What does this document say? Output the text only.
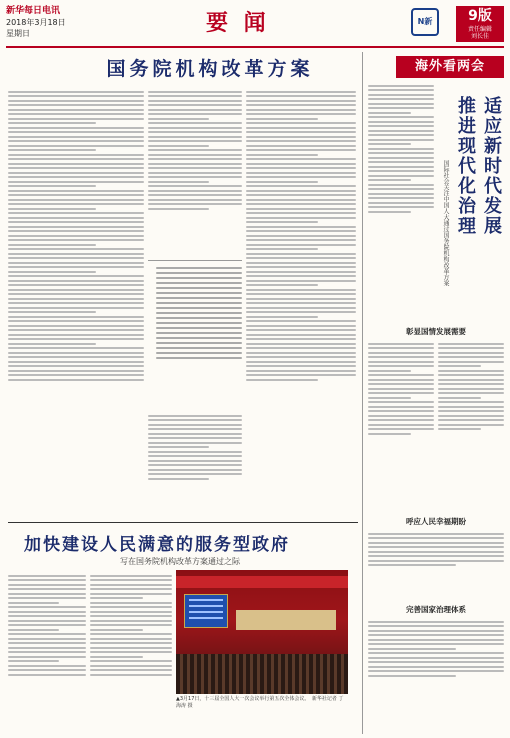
新华每日电讯
2018年3月18日
星期日	要 闻	N新	9版
责任编辑
刘长佳
国务院机构改革方案
加快建设人民满意的服务型政府
写在国务院机构改革方案通过之际
▲3月17日，十三届全国人大一次会议举行第五次全体会议。　新华社记者 丁海涛 摄
海外看两会
适应新时代发展
推进现代化治理
国际社会关注中国人大通过国务院机构改革方案
彰显国情发展需要
呼应人民幸福期盼
完善国家治理体系
